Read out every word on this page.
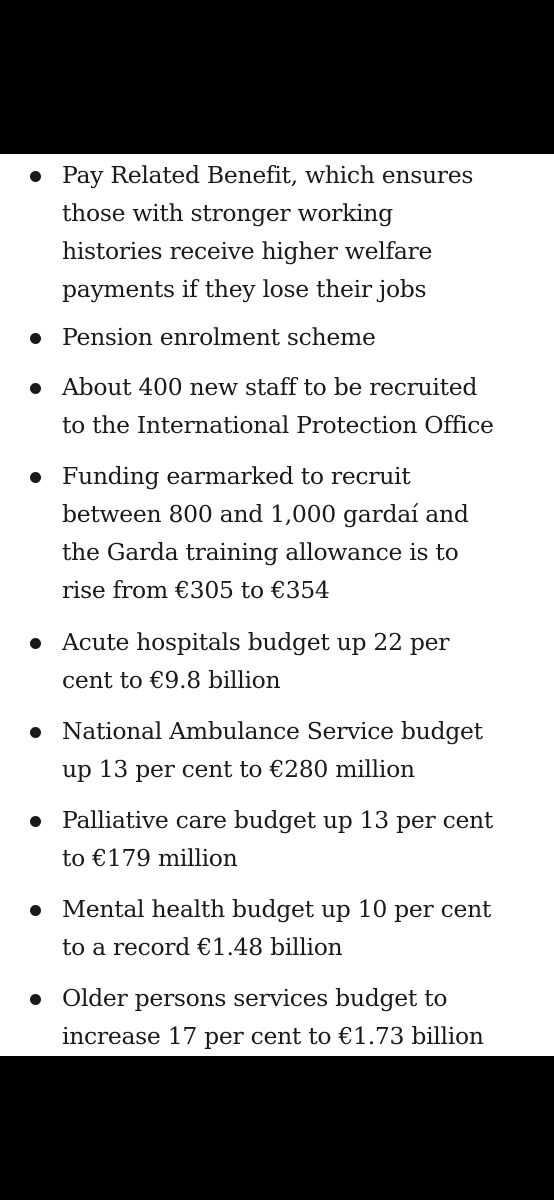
Pay Related Benefit, which ensures
those with stronger working
histories receive higher welfare
payments if they lose their jobs
Pension enrolment scheme
About 400 new staff to be recruited
to the International Protection Office
Funding earmarked to recruit
between 800 and 1,000 gardaí and
the Garda training allowance is to
rise from €305 to €354
Acute hospitals budget up 22 per
cent to €9.8 billion
National Ambulance Service budget
up 13 per cent to €280 million
Palliative care budget up 13 per cent
to €179 million
Mental health budget up 10 per cent
to a record €1.48 billion
Older persons services budget to
increase 17 per cent to €1.73 billion
